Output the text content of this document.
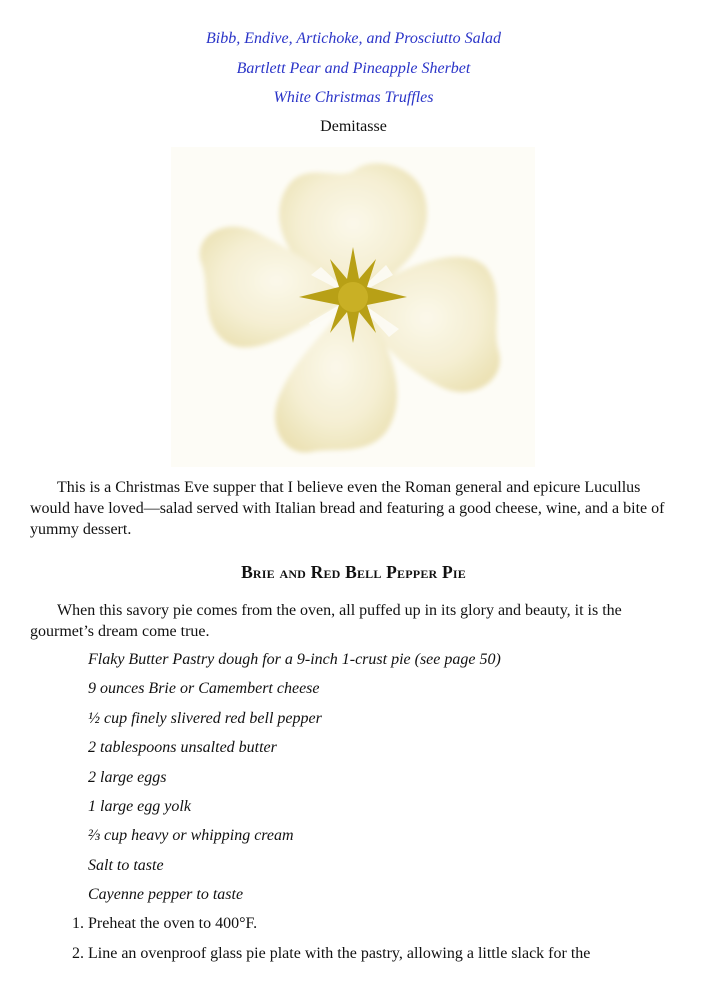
Bibb, Endive, Artichoke, and Prosciutto Salad
Bartlett Pear and Pineapple Sherbet
White Christmas Truffles
Demitasse

This is a Christmas Eve supper that I believe even the Roman general and epicure Lucullus would have loved—salad served with Italian bread and featuring a good cheese, wine, and a bite of yummy dessert.

Brie and Red Bell Pepper Pie

When this savory pie comes from the oven, all puffed up in its glory and beauty, it is the gourmet’s dream come true.

Flaky Butter Pastry dough for a 9-inch 1-crust pie (see page 50)
9 ounces Brie or Camembert cheese
½ cup finely slivered red bell pepper
2 tablespoons unsalted butter
2 large eggs
1 large egg yolk
⅔ cup heavy or whipping cream
Salt to taste
Cayenne pepper to taste
1. Preheat the oven to 400°F.
2. Line an ovenproof glass pie plate with the pastry, allowing a little slack for the
